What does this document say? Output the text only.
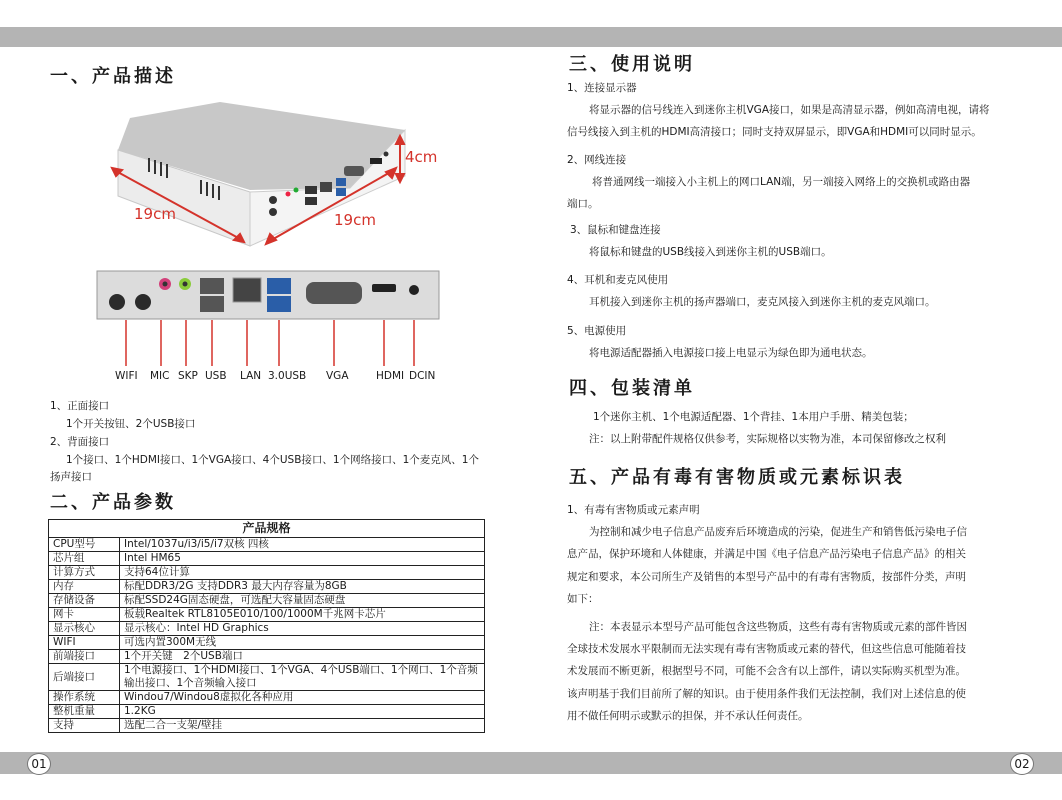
01	02
一、产品描述
4cm
19cm	19cm
WIFI MIC SKP USB LAN 3.0USB VGA	HDMI DCIN
1、正面接口
1个开关按钮、2个USB接口
2、背面接口
1个接口、1个HDMI接口、1个VGA接口、4个USB接口、1个网络接口、1个麦克风、1个
扬声接口
二、产品参数
产品规格	
CPU型号	Intel/1037u/i3/i5/i7双核 四核
芯片组	Intel HM65
计算方式	支持64位计算
内存	标配DDR3/2G 支持DDR3 最大内存容量为8GB
存储设备	标配SSD24G固态硬盘，可选配大容量固态硬盘
网卡	板载Realtek RTL8105E010/100/1000M千兆网卡芯片
显示核心	显示核心：Intel HD Graphics
WIFI	可选内置300M无线
前端接口	1个开关键　2个USB端口
后端接口	1个电源接口、1个HDMI接口、1个VGA、4个USB端口、1个网口、1个音频
输出接口、1个音频输入接口

操作系统	Windou7/Windou8虚拟化各种应用
整机重量	1.2KG
支持	选配二合一支架/壁挂
三、使用说明
1、连接显示器
将显示器的信号线连入到迷你主机VGA接口，如果是高清显示器，例如高清电视，请将
信号线接入到主机的HDMI高清接口；同时支持双屏显示，即VGA和HDMI可以同时显示。
2、网线连接
将普通网线一端接入小主机上的网口LAN端，另一端接入网络上的交换机或路由器
端口。
3、鼠标和键盘连接
将鼠标和键盘的USB线接入到迷你主机的USB端口。
4、耳机和麦克风使用
耳机接入到迷你主机的扬声器端口，麦克风接入到迷你主机的麦克风端口。
5、电源使用
将电源适配器插入电源接口接上电显示为绿色即为通电状态。
四、包装清单
1个迷你主机、1个电源适配器、1个背挂、1本用户手册、精美包装；
注：以上附带配件规格仅供参考，实际规格以实物为准，本司保留修改之权利
五、产品有毒有害物质或元素标识表
1、有毒有害物质或元素声明
为控制和减少电子信息产品废弃后环境造成的污染，促进生产和销售低污染电子信
息产品，保护环境和人体健康，并满足中国《电子信息产品污染电子信息产品》的相关
规定和要求，本公司所生产及销售的本型号产品中的有毒有害物质，按部件分类，声明
如下：
注：本表显示本型号产品可能包含这些物质，这些有毒有害物质或元素的部件皆因
全球技术发展水平限制而无法实现有毒有害物质或元素的替代，但这些信息可能随着技
术发展而不断更新，根据型号不同，可能不会含有以上部件，请以实际购买机型为准。
该声明基于我们目前所了解的知识。由于使用条件我们无法控制，我们对上述信息的使
用不做任何明示或默示的担保，并不承认任何责任。
